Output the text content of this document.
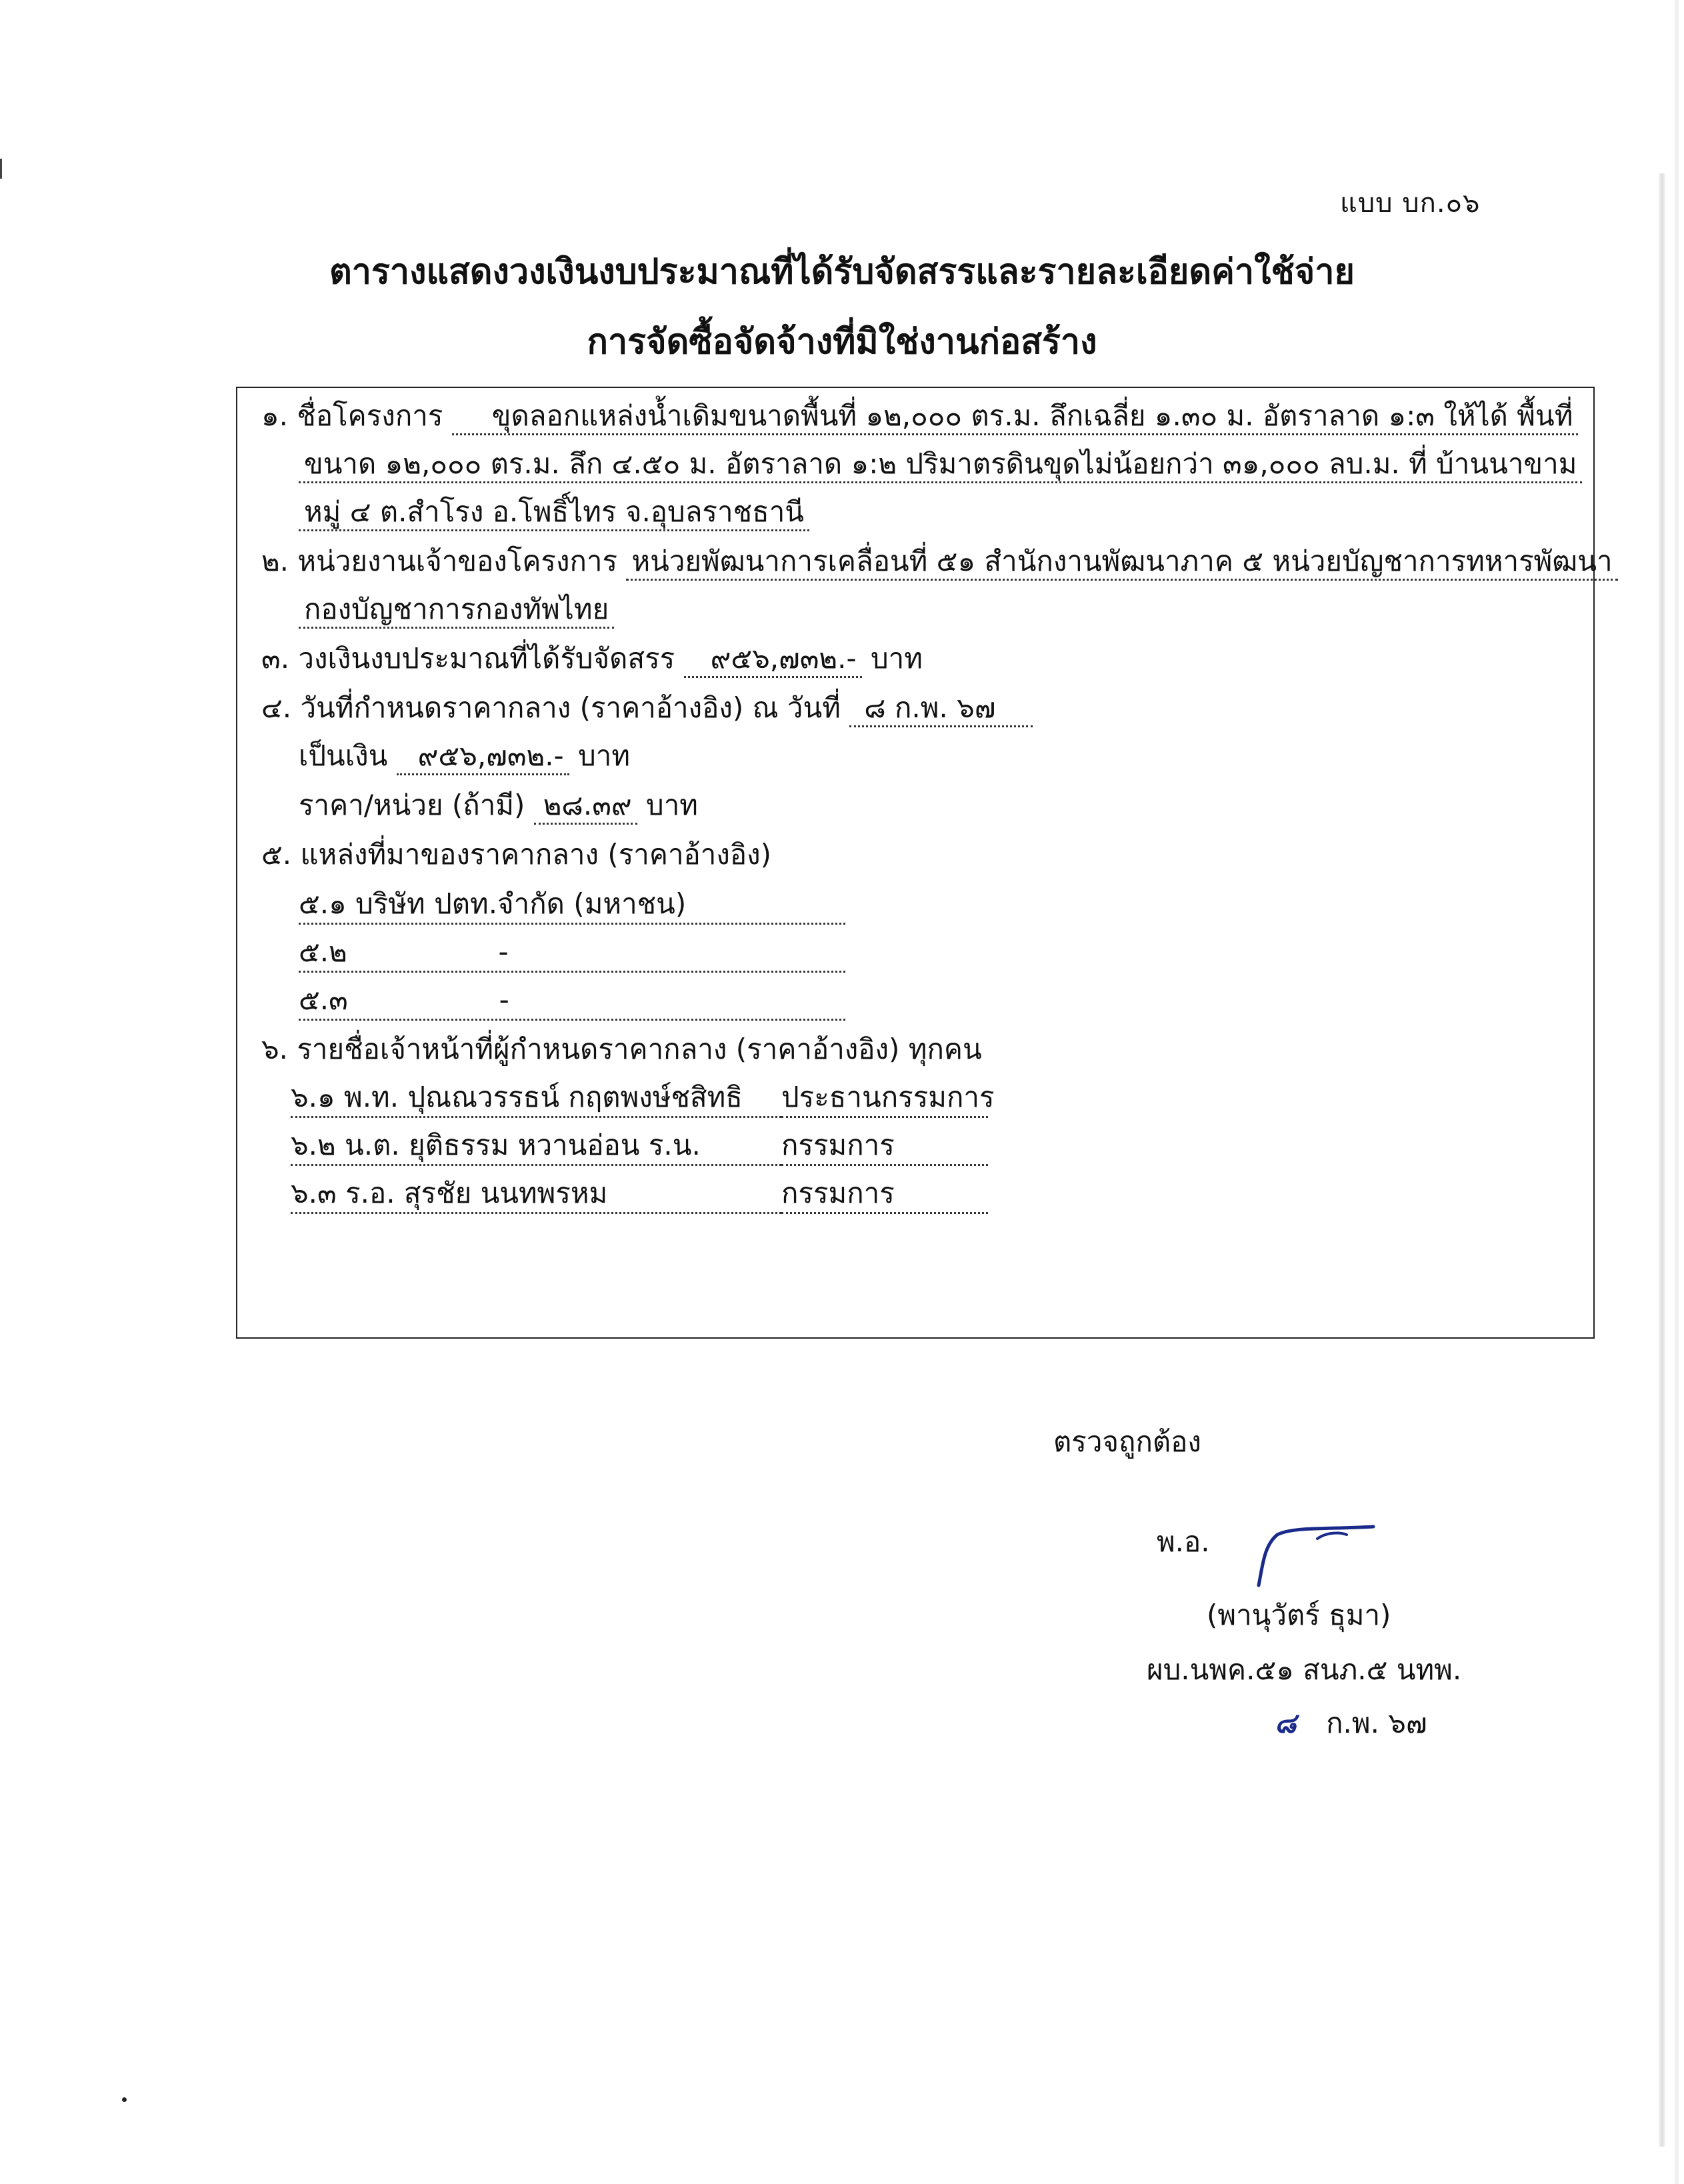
แบบ บก.๐๖
ตารางแสดงวงเงินงบประมาณที่ได้รับจัดสรรและรายละเอียดค่าใช้จ่าย
การจัดซื้อจัดจ้างที่มิใช่งานก่อสร้าง
๑. ชื่อโครงการ ขุดลอกแหล่งน้ำเดิมขนาดพื้นที่ ๑๒,๐๐๐ ตร.ม. ลึกเฉลี่ย ๑.๓๐ ม. อัตราลาด ๑:๓ ให้ได้ พื้นที่
ขนาด ๑๒,๐๐๐ ตร.ม. ลึก ๔.๕๐ ม. อัตราลาด ๑:๒ ปริมาตรดินขุดไม่น้อยกว่า ๓๑,๐๐๐ ลบ.ม. ที่ บ้านนาขาม
หมู่ ๔ ต.สำโรง อ.โพธิ์ไทร จ.อุบลราชธานี
๒. หน่วยงานเจ้าของโครงการ หน่วยพัฒนาการเคลื่อนที่ ๕๑ สำนักงานพัฒนาภาค ๕ หน่วยบัญชาการทหารพัฒนา
กองบัญชาการกองทัพไทย
๓. วงเงินงบประมาณที่ได้รับจัดสรร ๙๕๖,๗๓๒.- บาท
๔. วันที่กำหนดราคากลาง (ราคาอ้างอิง) ณ วันที่ ๘ ก.พ. ๖๗
เป็นเงิน ๙๕๖,๗๓๒.- บาท
ราคา/หน่วย (ถ้ามี) ๒๘.๓๙ บาท
๕. แหล่งที่มาของราคากลาง (ราคาอ้างอิง)
๕.๑ บริษัท ปตท.จำกัด (มหาชน)
๕.๒	-
๕.๓	-
๖. รายชื่อเจ้าหน้าที่ผู้กำหนดราคากลาง (ราคาอ้างอิง) ทุกคน
๖.๑ พ.ท. ปุณณวรรธน์ กฤตพงษ์ชสิทธิ ประธานกรรมการ
๖.๒ น.ต. ยุติธรรม หวานอ่อน ร.น.	กรรมการ
๖.๓ ร.อ. สุรชัย นนทพรหม	กรรมการ
ตรวจถูกต้อง
พ.อ.
(พานุวัตร์ ธุมา)
ผบ.นพค.๕๑ สนภ.๕ นทพ.
๘ ก.พ. ๖๗
